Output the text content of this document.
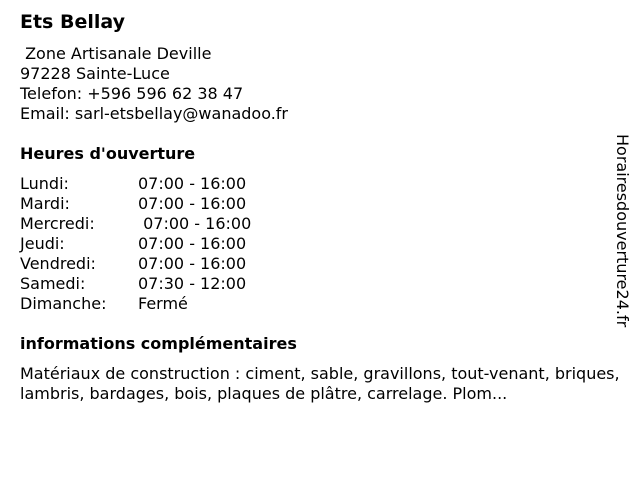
Ets Bellay
Zone Artisanale Deville
97228 Sainte-Luce
Telefon: +596 596 62 38 47
Email: sarl-etsbellay@wanadoo.fr
Heures d'ouverture
Lundi:	07:00 - 16:00
Mardi:	07:00 - 16:00
Mercredi:	07:00 - 16:00
Jeudi:	07:00 - 16:00
Vendredi:	07:00 - 16:00
Samedi:	07:30 - 12:00
Dimanche:	Fermé
informations complémentaires
Matériaux de construction : ciment, sable, gravillons, tout-venant, briques, lambris, bardages, bois, plaques de plâtre, carrelage. Plom...
Horairesdouverture24.fr
